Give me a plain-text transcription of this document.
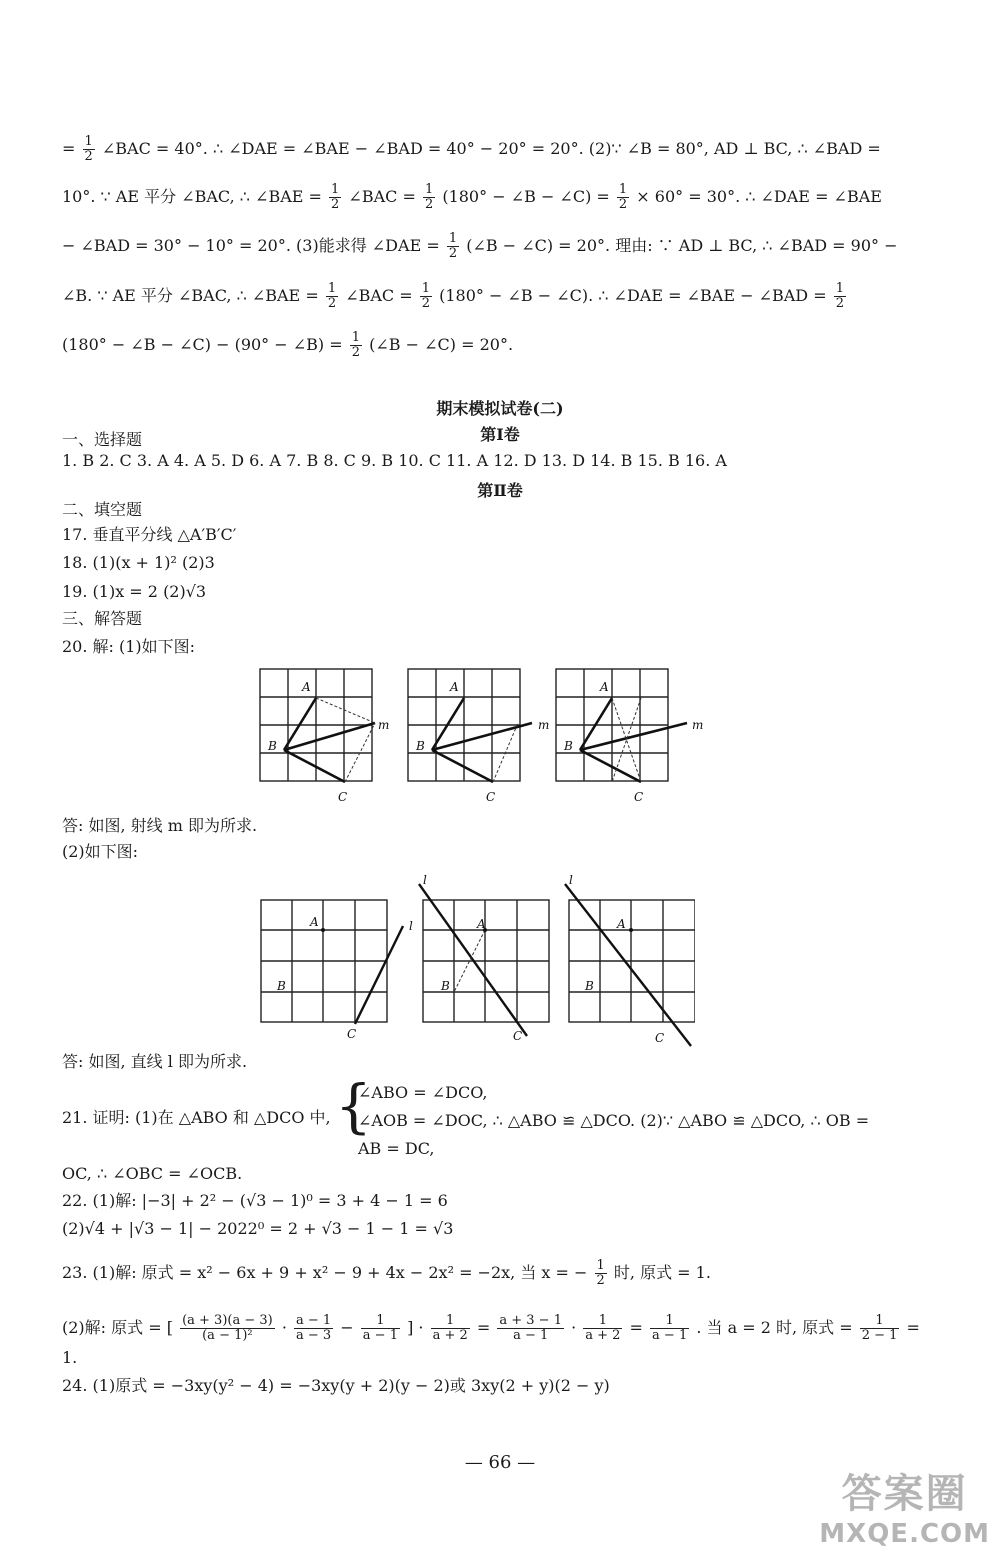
= $\frac{1}{2}$ ∠BAC = 40°. ∴ ∠DAE = ∠BAE − ∠BAD = 40° − 20° = 20°. (2)∵ ∠B = 80°, AD ⊥ BC, ∴ ∠BAD =
10°. ∵ AE 平分 ∠BAC, ∴ ∠BAE = $\frac{1}{2}$ ∠BAC = $\frac{1}{2} (180^\circ$ − ∠B − ∠C) = $\frac{1}{2} \times 60^\circ = 30^\circ$. ∴ ∠DAE = ∠BAE
− ∠BAD = 30° − 10° = 20°. (3)能求得 ∠DAE = $\frac{1}{2}$ (∠B − ∠C) = 20°. 理由: ∵ AD ⊥ BC, ∴ ∠BAD = 90° −
∠B. ∵ AE 平分 ∠BAC, ∴ ∠BAE = $\frac{1}{2}$ ∠BAC = $\frac{1}{2} (180^\circ$ − ∠B − ∠C). ∴ ∠DAE = ∠BAE − ∠BAD = $\frac{1}{2}$
(180° − ∠B − ∠C) − (90° − ∠B) = $\frac{1}{2}$ (∠B − ∠C) = 20°.
期末模拟试卷(二)
第Ⅰ卷
一、选择题
1. B 2. C 3. A 4. A 5. D 6. A 7. B 8. C 9. B 10. C 11. A 12. D 13. D 14. B 15. B 16. A
第Ⅱ卷
二、填空题
17. 垂直平分线 △A′B′C′
18. (1)(x + 1)² (2)3
19. (1)x = 2 (2)√3
三、解答题
20. 解: (1)如下图:
A
B
C
m
A
B
C
m
A
B
C
m
答: 如图, 射线 m 即为所求.
(2)如下图:
A
B
C
l	A
B
C
l
A
B
C
l
答: 如图, 直线 l 即为所求.
21. 证明: (1)在 △ABO 和 △DCO 中, {
∠ABO = ∠DCO,
∠AOB = ∠DOC, ∴ △ABO ≌ △DCO. (2)∵ △ABO ≌ △DCO, ∴ OB =
AB = DC,
OC, ∴ ∠OBC = ∠OCB.
22. (1)解: |−3| + 2² − (√3 − 1)⁰ = 3 + 4 − 1 = 6
(2)√4 + |√3 − 1| − 2022⁰ = 2 + √3 − 1 − 1 = √3
23. (1)解: 原式 = x² − 6x + 9 + x² − 9 + 4x − 2x² = −2x, 当 x = − $\frac{1}{2}$ 时, 原式 = 1.
(2)解: 原式 = [ $\frac{(a + 3)(a - 3)}{\text{(a − 1)²}} \cdot \frac{a - 1}{a - 3} - \frac{1}{a - 1}$ ] · $\frac{1}{a + 2} = \frac{a + 3 - 1}{a - 1} \cdot \frac{1}{a + 2} = \frac{1}{a - 1}$ . 当 a = 2 时, 原式 = $\frac{1}{2 - 1}$ =
1.
24. (1)原式 = −3xy(y² − 4) = −3xy(y + 2)(y − 2)或 3xy(2 + y)(2 − y)
— 66 —
答案圈
MXQE.COM
